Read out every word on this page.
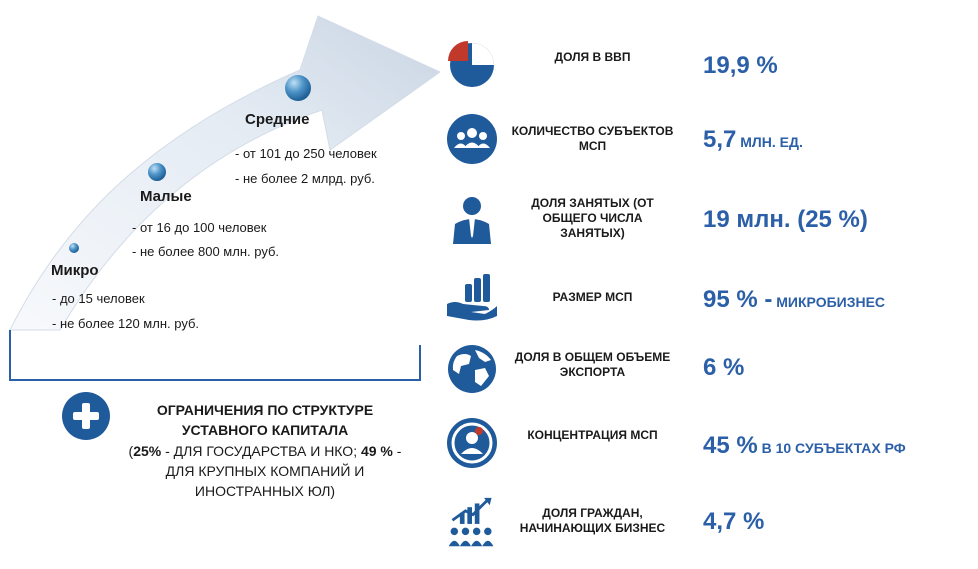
Микро
- до 15 человек
- не более 120 млн. руб.
Малые
- от 16 до 100 человек
- не более 800 млн. руб.
Средние
- от 101 до 250 человек
- не более 2 млрд. руб.
ОГРАНИЧЕНИЯ ПО СТРУКТУРЕ УСТАВНОГО КАПИТАЛА
(25% - ДЛЯ ГОСУДАРСТВА И НКО; 49 % - ДЛЯ КРУПНЫХ КОМПАНИЙ И ИНОСТРАННЫХ ЮЛ)
ДОЛЯ В ВВП	19,9 %
КОЛИЧЕСТВО СУБЪЕКТОВ МСП	5,7 МЛН. ЕД.
ДОЛЯ ЗАНЯТЫХ (ОТ ОБЩЕГО ЧИСЛА ЗАНЯТЫХ)	19 млн. (25 %)
РАЗМЕР МСП	95 % - МИКРОБИЗНЕС
ДОЛЯ В ОБЩЕМ ОБЪЕМЕ ЭКСПОРТА	6 %
КОНЦЕНТРАЦИЯ МСП	45 % В 10 СУБЪЕКТАХ РФ
ДОЛЯ ГРАЖДАН, НАЧИНАЮЩИХ БИЗНЕС	4,7 %
